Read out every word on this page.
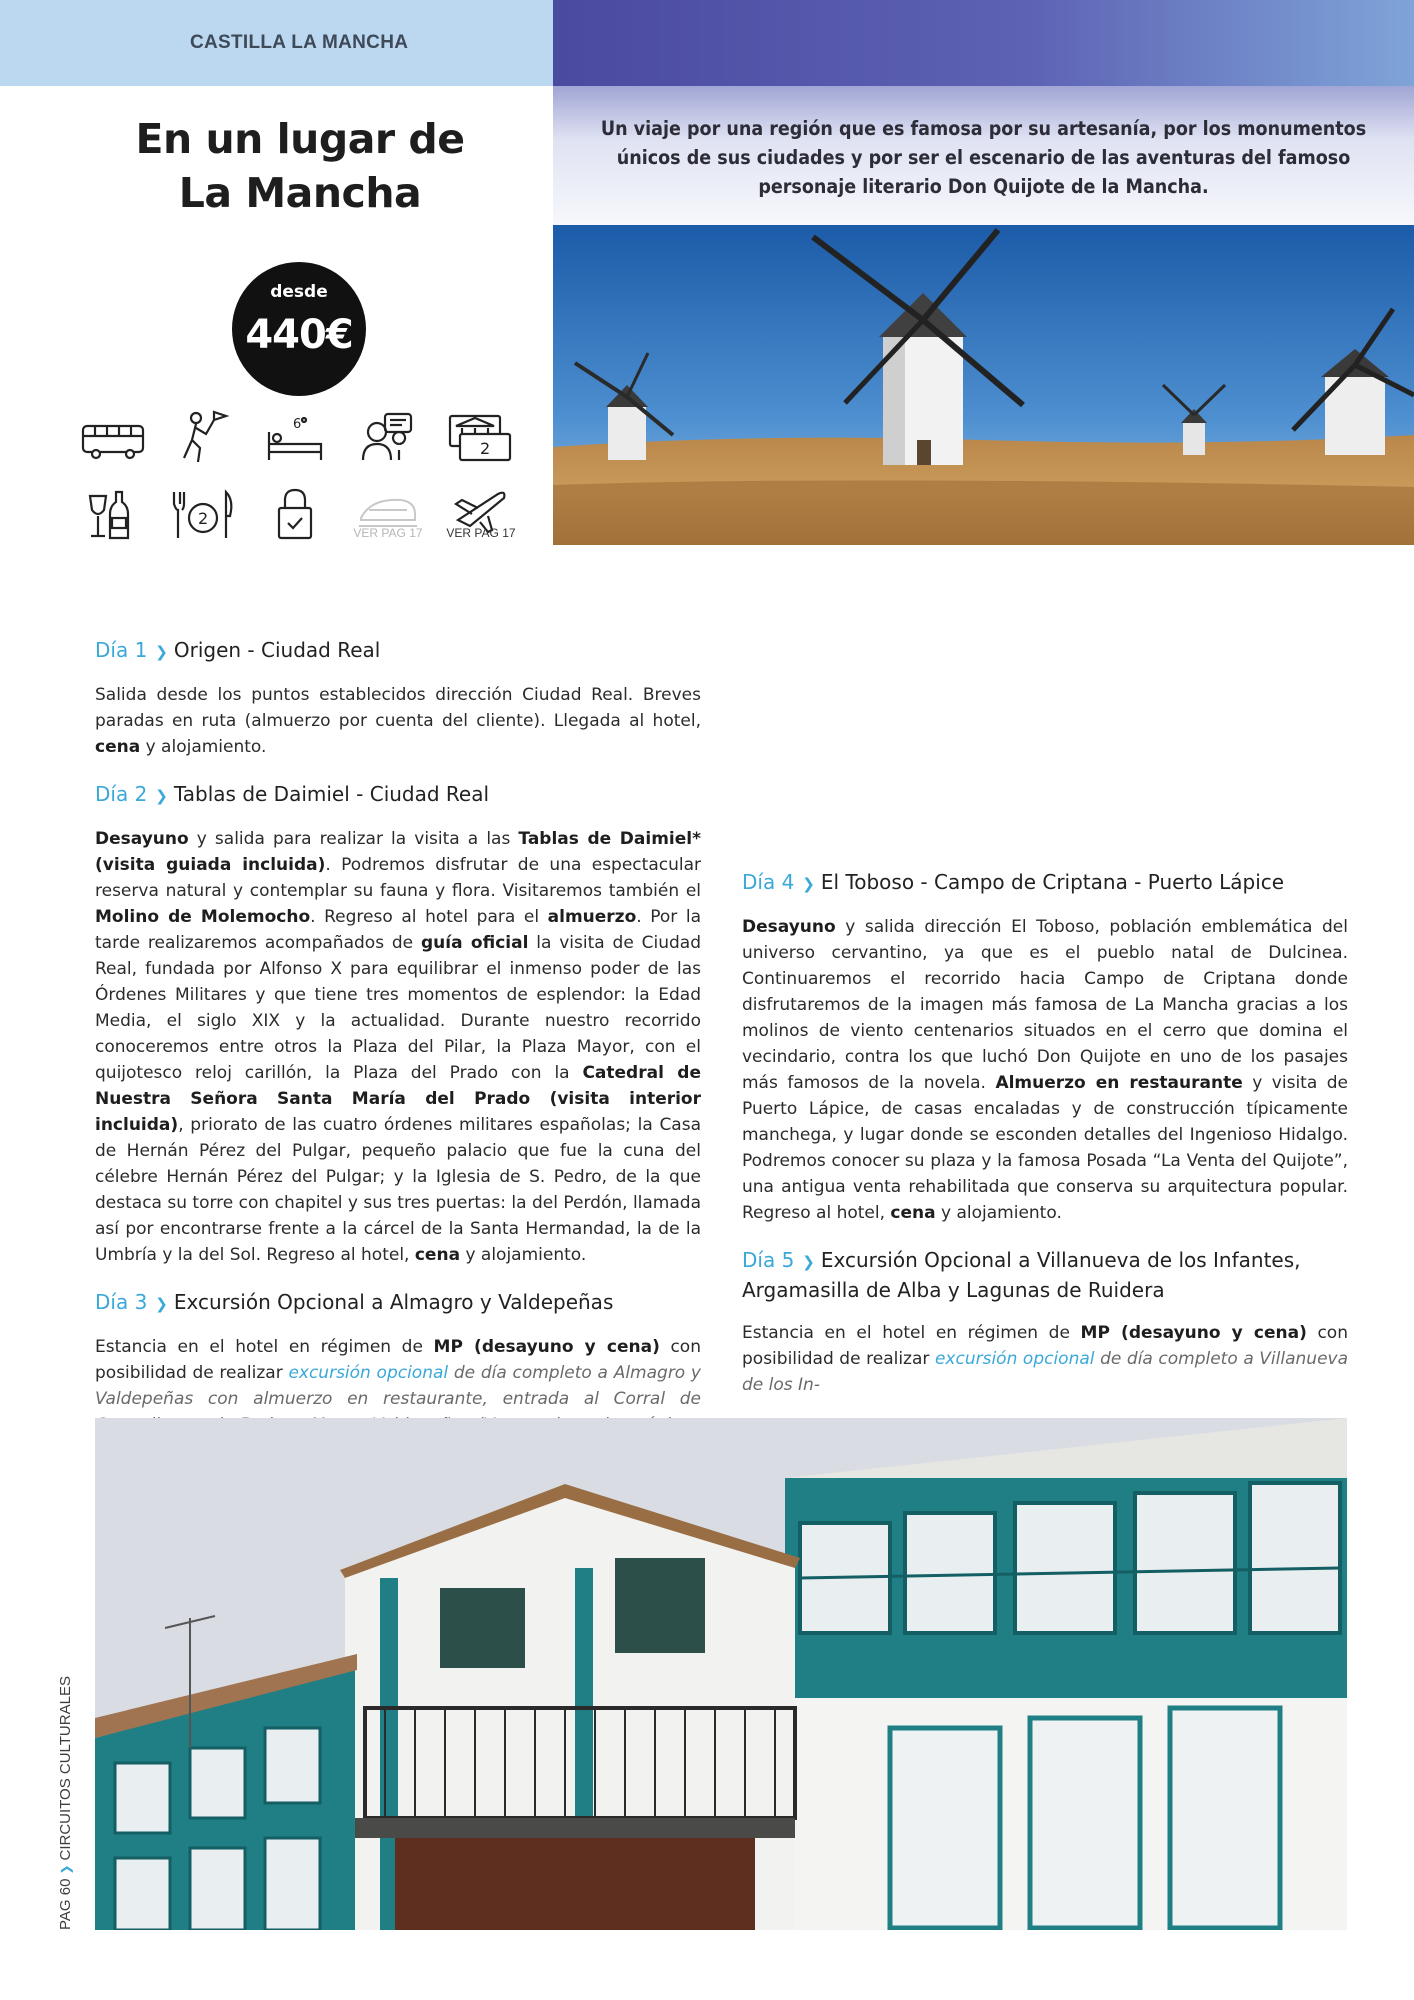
CASTILLA LA MANCHA

Un viaje por una región que es famosa por su artesanía, por los monumentos únicos de sus ciudades y por ser el escenario de las aventuras del famoso personaje literario Don Quijote de la Mancha.

En un lugar de
La Mancha
desde
440€
6
2
2
VER PAG 17	VER PAG 17
Día 1 ❯ Origen - Ciudad Real

Salida desde los puntos establecidos dirección Ciudad Real. Breves paradas en ruta (almuerzo por cuenta del cliente). Llegada al hotel, cena y alojamiento.

Día 2 ❯ Tablas de Daimiel - Ciudad Real

Desayuno y salida para realizar la visita a las Tablas de Daimiel* (visita guiada incluida). Podremos disfrutar de una espectacular reserva natural y contemplar su fauna y flora. Visitaremos también el Molino de Molemocho. Regreso al hotel para el almuerzo. Por la tarde realizaremos acompañados de guía oficial la visita de Ciudad Real, fundada por Alfonso X para equilibrar el inmenso poder de las Órdenes Militares y que tiene tres momentos de esplendor: la Edad Media, el siglo XIX y la actualidad. Durante nuestro recorrido conoceremos entre otros la Plaza del Pilar, la Plaza Mayor, con el quijotesco reloj carillón, la Plaza del Prado con la Catedral de Nuestra Señora Santa María del Prado (visita interior incluida), priorato de las cuatro órdenes militares españolas; la Casa de Hernán Pérez del Pulgar, pequeño palacio que fue la cuna del célebre Hernán Pérez del Pulgar; y la Iglesia de S. Pedro, de la que destaca su torre con chapitel y sus tres puertas: la del Perdón, llamada así por encontrarse frente a la cárcel de la Santa Hermandad, la de la Umbría y la del Sol. Regreso al hotel, cena y alojamiento.

Día 3 ❯ Excursión Opcional a Almagro y Valdepeñas

Estancia en el hotel en régimen de MP (desayuno y cena) con posibilidad de realizar excursión opcional de día completo a Almagro y Valdepeñas con almuerzo en restaurante, entrada al Corral de

Día 4 ❯ El Toboso - Campo de Criptana - Puerto Lápice

Desayuno y salida dirección El Toboso, población emblemática del universo cervantino, ya que es el pueblo natal de Dulcinea. Continuaremos el recorrido hacia Campo de Criptana donde disfrutaremos de la imagen más famosa de La Mancha gracias a los molinos de viento centenarios situados en el cerro que domina el vecindario, contra los que luchó Don Quijote en uno de los pasajes más famosos de la novela. Almuerzo en restaurante y visita de Puerto Lápice, de casas encaladas y de construcción típicamente manchega, y lugar donde se esconden detalles del Ingenioso Hidalgo. Podremos conocer su plaza y la famosa Posada “La Venta del Quijote”, una antigua venta rehabilitada que conserva su arquitectura popular. Regreso al hotel, cena y alojamiento.

Día 5 ❯ Excursión Opcional a Villanueva de los Infantes, Argamasilla de Alba y Lagunas de Ruidera

Estancia en el hotel en régimen de MP (desayuno y cena) con posibilidad de realizar excursión opcional de día completo a Villanueva de los In-

PAG 60❯CIRCUITOS CULTURALES
